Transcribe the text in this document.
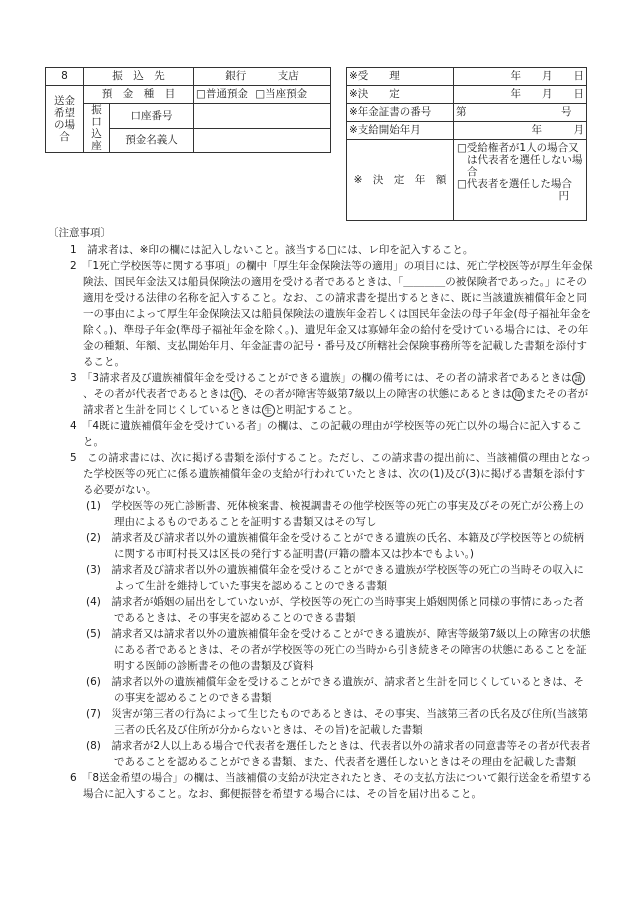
8	振　込　先		銀行　　　支店
送金希望の場合	預　金　種　目		□普通預金 □当座預金
	振口込座	口座番号	
		預金名義人	
※受　　理	年　　月　　日
※決　　定	年　　月　　日
※年金証書の番号	第　　　　　　　　　号
※支給開始年月	年　　　月
※　決　定　年　額	□受給権者が1人の場合又は代表者を選任しない場合
□代表者を選任した場合
円
〔注意事項〕
1　請求者は、※印の欄には記入しないこと。該当する□には、レ印を記入すること。
2　「1死亡学校医等に関する事項」の欄中「厚生年金保険法等の適用」の項目には、死亡学校医等が厚生年金保険法、国民年金法又は船員保険法の適用を受ける者であるときは、「＿＿＿＿の被保険者であった。」にその適用を受ける法律の名称を記入すること。なお、この請求書を提出するときに、既に当該遺族補償年金と同一の事由によって厚生年金保険法又は船員保険法の遺族年金若しくは国民年金法の母子年金(母子福祉年金を除く。)、準母子年金(準母子福祉年金を除く。)、遺児年金又は寡婦年金の給付を受けている場合には、その年金の種類、年額、支払開始年月、年金証書の記号・番号及び所轄社会保険事務所等を記載した書類を添付すること。
3　「3請求者及び遺族補償年金を受けることができる遺族」の欄の備考には、その者の請求者であるときは 請、その者が代表者であるときは 代 、その者が障害等級第7級以上の障害の状態にあるときは 障 またその者が請求者と生計を同じくしているときは 生 と明記すること。
4　「4既に遺族補償年金を受けている者」の欄は、この記載の理由が学校医等の死亡以外の場合に記入すること。
5　この請求書には、次に掲げる書類を添付すること。ただし、この請求書の提出前に、当該補償の理由となった学校医等の死亡に係る遺族補償年金の支給が行われていたときは、次の(1)及び(3)に掲げる書類を添付する必要がない。
(1)　学校医等の死亡診断書、死体検案書、検視調書その他学校医等の死亡の事実及びその死亡が公務上の理由によるものであることを証明する書類又はその写し
(2)　請求者及び請求者以外の遺族補償年金を受けることができる遺族の氏名、本籍及び学校医等との続柄に関する市町村長又は区長の発行する証明書(戸籍の謄本又は抄本でもよい。)
(3)　請求者及び請求者以外の遺族補償年金を受けることができる遺族が学校医等の死亡の当時その収入によって生計を維持していた事実を認めることのできる書類
(4)　請求者が婚姻の届出をしていないが、学校医等の死亡の当時事実上婚姻関係と同様の事情にあった者であるときは、その事実を認めることのできる書類
(5)　請求者又は請求者以外の遺族補償年金を受けることができる遺族が、障害等級第7級以上の障害の状態にある者であるときは、その者が学校医等の死亡の当時から引き続きその障害の状態にあることを証明する医師の診断書その他の書類及び資料
(6)　請求者以外の遺族補償年金を受けることができる遺族が、請求者と生計を同じくしているときは、その事実を認めることのできる書類
(7)　災害が第三者の行為によって生じたものであるときは、その事実、当該第三者の氏名及び住所(当該第三者の氏名及び住所が分からないときは、その旨)を記載した書類
(8)　請求者が2人以上ある場合で代表者を選任したときは、代表者以外の請求者の同意書等その者が代表者であることを認めることができる書類、また、代表者を選任しないときはその理由を記載した書類
6　「8送金希望の場合」の欄は、当該補償の支給が決定されたとき、その支払方法について銀行送金を希望する場合に記入すること。なお、郵便振替を希望する場合には、その旨を届け出ること。
